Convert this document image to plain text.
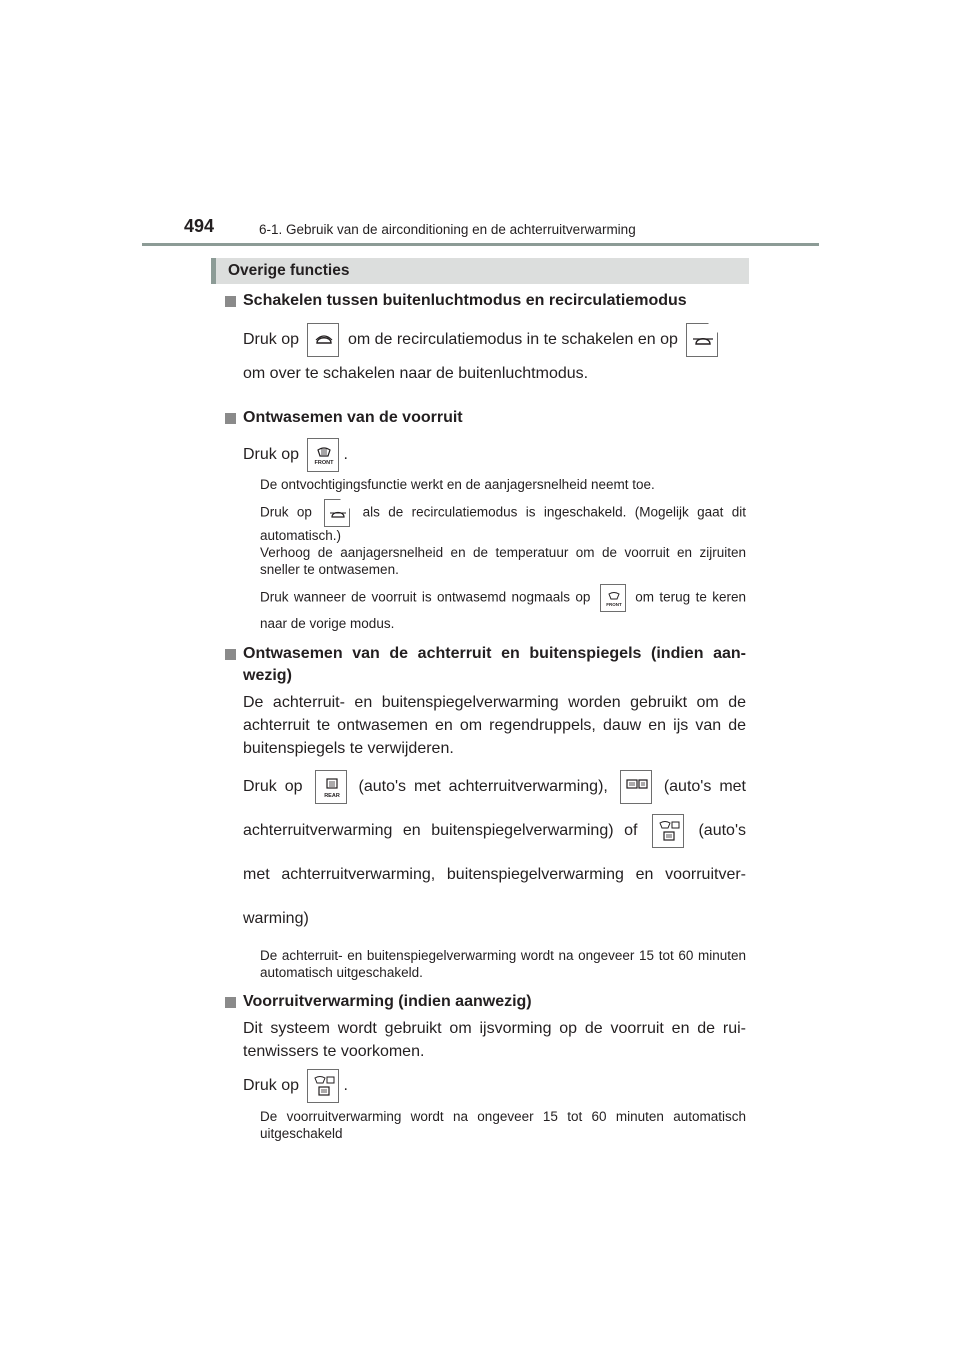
494	6-1. Gebruik van de airconditioning en de achterruitverwarming
Overige functies
Schakelen tussen buitenluchtmodus en recirculatiemodus
Druk op	om de recirculatiemodus in te schakelen en op

om over te schakelen naar de buitenluchtmodus.
Ontwasemen van de voorruit
Druk op	FRONT .
De ontvochtigingsfunctie werkt en de aanjagersnelheid neemt toe.
Druk op	als de recirculatiemodus is ingeschakeld. (Mogelijk gaat dit automatisch.)
Verhoog de aanjagersnelheid en de temperatuur om de voorruit en zijruiten sneller te ontwasemen.
Druk wanneer de voorruit is ontwasemd nogmaals op	FRONT om terug te keren naar de vorige modus.
Ontwasemen van de achterruit en buitenspiegels (indien aanwezig)
De achterruit- en buitenspiegelverwarming worden gebruikt om de achterruit te ontwasemen en om regendruppels, dauw en ijs van de buitenspiegels te verwijderen.
Druk op
REAR
(auto's met achterruitverwarming),	(auto's met achterruitverwarming en buitenspiegelverwarming) of	(auto's met achterruitverwarming, buitenspiegelverwarming en voorruitverwarming)
De achterruit- en buitenspiegelverwarming wordt na ongeveer 15 tot 60 minuten automatisch uitgeschakeld.
Voorruitverwarming (indien aanwezig)
Dit systeem wordt gebruikt om ijsvorming op de voorruit en de ruitenwissers te voorkomen.
Druk op	.
De voorruitverwarming wordt na ongeveer 15 tot 60 minuten automatisch uitgeschakeld
